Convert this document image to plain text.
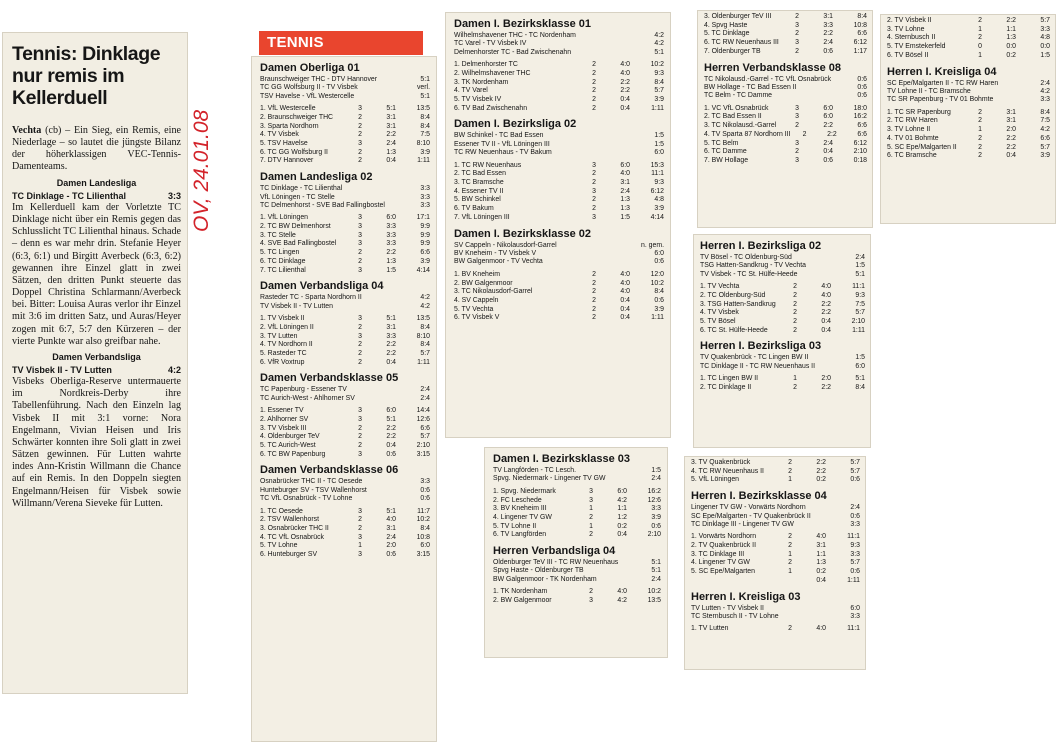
Tennis: Dinklage nur remis im Kellerduell

Vechta (cb) – Ein Sieg, ein Remis, eine Niederlage – so lautet die jüngste Bilanz der höherklassigen VEC-Tennis-Damenteams.

Damen Landesliga
TC Dinklage - TC Lilienthal	3:3

Im Kellerduell kam der Vorletzte TC Dinklage nicht über ein Remis gegen das Schlusslicht TC Lilienthal hinaus. Schade – denn es war mehr drin. Stefanie Heyer (6:3, 6:1) und Birgitt Averbeck (6:3, 6:2) gewannen ihre Einzel glatt in zwei Sätzen, den dritten Punkt steuerte das Doppel Christina Schlarmann/Averbeck bei. Bitter: Louisa Auras verlor ihr Einzel mit 3:6 im dritten Satz, und Auras/Heyer zogen mit 6:7, 5:7 den Kürzeren – der vierte Punkte war also greifbar nahe.

Damen Verbandsliga
TV Visbek II - TV Lutten	4:2

Visbeks Oberliga-Reserve untermauerte im Nordkreis-Derby ihre Tabellenführung. Nach den Einzeln lag Visbek II mit 3:1 vorne: Nora Engelmann, Vivian Heisen und Iris Schwärter konnten ihre Soli glatt in zwei Sätzen gewinnen. Für Lutten wahrte indes Ann-Kristin Willmann die Chance auf ein Remis. In den Doppeln siegten Engelmann/Heisen für Visbek sowie Willmann/Verena Sieveke für Lutten.

OV, 24.01.08
TENNIS
Damen Oberliga 01
Braunschweiger THC - DTV Hannover	5:1
TC GG Wolfsburg II - TV Visbek	verl.
TSV Havelse - VfL Westercelle	5:1
1. VfL Westercelle	3	5:1	13:5
2. Braunschweiger THC	2	3:1	8:4
3. Sparta Nordhorn	2	3:1	8:4
4. TV Visbek	2	2:2	7:5
5. TSV Havelse	3	2:4	8:10
6. TC GG Wolfsburg II	2	1:3	3:9
7. DTV Hannover	2	0:4	1:11
Damen Landesliga 02
TC Dinklage - TC Lilienthal	3:3
VfL Löningen - TC Stelle	3:3
TC Delmenhorst - SVE Bad Fallingbostel	3:3
1. VfL Löningen	3	6:0	17:1
2. TC BW Delmenhorst	3	3:3	9:9
3. TC Stelle	3	3:3	9:9
4. SVE Bad Fallingbostel	3	3:3	9:9
5. TC Lingen	2	2:2	6:6
6. TC Dinklage	2	1:3	3:9
7. TC Lilienthal	3	1:5	4:14
Damen Verbandsliga 04
Rasteder TC - Sparta Nordhorn II	4:2
TV Visbek II - TV Lutten	4:2
1. TV Visbek II	3	5:1	13:5
2. VfL Löningen II	2	3:1	8:4
3. TV Lutten	3	3:3	8:10
4. TV Nordhorn II	2	2:2	8:4
5. Rasteder TC	2	2:2	5:7
6. VfR Voxtrup	2	0:4	1:11
Damen Verbandsklasse 05
TC Papenburg - Essener TV	2:4
TC Aurich-West - Ahlhorner SV	2:4
1. Essener TV	3	6:0	14:4
2. Ahlhorner SV	3	5:1	12:6
3. TV Visbek III	2	2:2	6:6
4. Oldenburger TeV	2	2:2	5:7
5. TC Aurich-West	2	0:4	2:10
6. TC BW Papenburg	3	0:6	3:15
Damen Verbandsklasse 06
Osnabrücker THC II - TC Oesede	3:3
Hunteburger SV - TSV Wallenhorst	0:6
TC VfL Osnabrück - TV Lohne	0:6
1. TC Oesede	3	5:1	11:7
2. TSV Wallenhorst	2	4:0	10:2
3. Osnabrücker THC II	2	3:1	8:4
4. TC VfL Osnabrück	3	2:4	10:8
5. TV Lohne	1	2:0	6:0
6. Hunteburger SV	3	0:6	3:15
Damen I. Bezirksklasse 01
Wilhelmshavener THC - TC Nordenham	4:2
TC Varel - TV Visbek IV	4:2
Delmenhorster TC - Bad Zwischenahn	5:1
1. Delmenhorster TC	2	4:0	10:2
2. Wilhelmshavener THC	2	4:0	9:3
3. TK Nordenham	2	2:2	8:4
4. TV Varel	2	2:2	5:7
5. TV Visbek IV	2	0:4	3:9
6. TV Bad Zwischenahn	2	0:4	1:11
Damen I. Bezirksliga 02
BW Schinkel - TC Bad Essen	1:5
Essener TV II - VfL Löningen III	1:5
TC RW Neuenhaus - TV Bakum	6:0
1. TC RW Neuenhaus	3	6:0	15:3
2. TC Bad Essen	2	4:0	11:1
3. TC Bramsche	2	3:1	9:3
4. Essener TV II	3	2:4	6:12
5. BW Schinkel	2	1:3	4:8
6. TV Bakum	2	1:3	3:9
7. VfL Löningen III	3	1:5	4:14
Damen I. Bezirksklasse 02
SV Cappeln - Nikolausdorf-Garrel	n. gem.
BV Kneheim - TV Visbek V	6:0
BW Galgenmoor - TV Vechta	0:6
1. BV Kneheim	2	4:0	12:0
2. BW Galgenmoor	2	4:0	10:2
3. TC Nikolausdorf-Garrel	2	4:0	8:4
4. SV Cappeln	2	0:4	0:6
5. TV Vechta	2	0:4	3:9
6. TV Visbek V	2	0:4	1:11
Damen I. Bezirksklasse 03
TV Langförden - TC Lesch.	1:5
Spvg. Niedermark - Lingener TV GW	2:4
1. Spvg. Niedermark	3	6:0	16:2
2. FC Leschede	3	4:2	12:6
3. BV Kneheim III	1	1:1	3:3
4. Lingener TV GW	2	1:2	3:9
5. TV Lohne II	1	0:2	0:6
6. TV Langförden	2	0:4	2:10
Herren Verbandsliga 04
Oldenburger TeV III - TC RW Neuenhaus	5:1
Spvg Haste - Oldenburger TB	5:1
BW Galgenmoor - TK Nordenham	2:4
1. TK Nordenham	2	4:0	10:2
2. BW Galgenmoor	3	4:2	13:5
3. Oldenburger TeV III	2	3:1	8:4
4. Spvg Haste	3	3:3	10:8
5. TC Dinklage	2	2:2	6:6
6. TC RW Neuenhaus III	3	2:4	6:12
7. Oldenburger TB	2	0:6	1:17
Herren Verbandsklasse 08
TC Nikolausd.-Garrel - TC VfL Osnabrück	0:6
BW Hollage - TC Bad Essen II	0:6
TC Belm - TC Damme	0:6
1. VC VfL Osnabrück	3	6:0	18:0
2. TC Bad Essen II	3	6:0	16:2
3. TC Nikolausd.-Garrel	2	2:2	6:6
4. TV Sparta 87 Nordhorn III	2	2:2	6:6
5. TC Belm	3	2:4	6:12
6. TC Damme	2	0:4	2:10
7. BW Hollage	3	0:6	0:18
Herren I. Bezirksliga 02
TV Bösel - TC Oldenburg-Süd	2:4
TSG Hatten-Sandkrug - TV Vechta	1:5
TV Visbek - TC St. Hülfe-Heede	5:1
1. TV Vechta	2	4:0	11:1
2. TC Oldenburg-Süd	2	4:0	9:3
3. TSG Hatten-Sandkrug	2	2:2	7:5
4. TV Visbek	2	2:2	5:7
5. TV Bösel	2	0:4	2:10
6. TC St. Hülfe-Heede	2	0:4	1:11
Herren I. Bezirksliga 03
TV Quakenbrück - TC Lingen BW II	1:5
TC Dinklage II - TC RW Neuenhaus II	6:0
1. TC Lingen BW II	1	2:0	5:1
2. TC Dinklage II	2	2:2	8:4
3. TV Quakenbrück	2	2:2	5:7
4. TC RW Neuenhaus II	2	2:2	5:7
5. VfL Löningen	1	0:2	0:6
Herren I. Bezirksklasse 04
Lingener TV GW - Vorwärts Nordhorn	2:4
SC Epe/Malgarten - TV Quakenbrück II	0:6
TC Dinklage III - Lingener TV GW	3:3
1. Vorwärts Nordhorn	2	4:0	11:1
2. TV Quakenbrück II	2	3:1	9:3
3. TC Dinklage III	1	1:1	3:3
4. Lingener TV GW	2	1:3	5:7
5. SC Epe/Malgarten	1	0:2	0:6
0:4	1:11
Herren I. Kreisliga 03
TV Lutten - TV Visbek II	6:0
TC Sternbusch II - TV Lohne	3:3
1. TV Lutten	2	4:0	11:1
2. TV Visbek II	2	2:2	5:7
3. TV Lohne	1	1:1	3:3
4. Sternbusch II	2	1:3	4:8
5. TV Emstekerfeld	0	0:0	0:0
6. TV Bösel II	1	0:2	1:5
Herren I. Kreisliga 04
SC Epe/Malgarten II - TC RW Haren	2:4
TV Lohne II - TC Bramsche	4:2
TC SR Papenburg - TV 01 Bohmte	3:3
1. TC SR Papenburg	2	3:1	8:4
2. TC RW Haren	2	3:1	7:5
3. TV Lohne II	1	2:0	4:2
4. TV 01 Bohmte	2	2:2	6:6
5. SC Epe/Malgarten II	2	2:2	5:7
6. TC Bramsche	2	0:4	3:9
